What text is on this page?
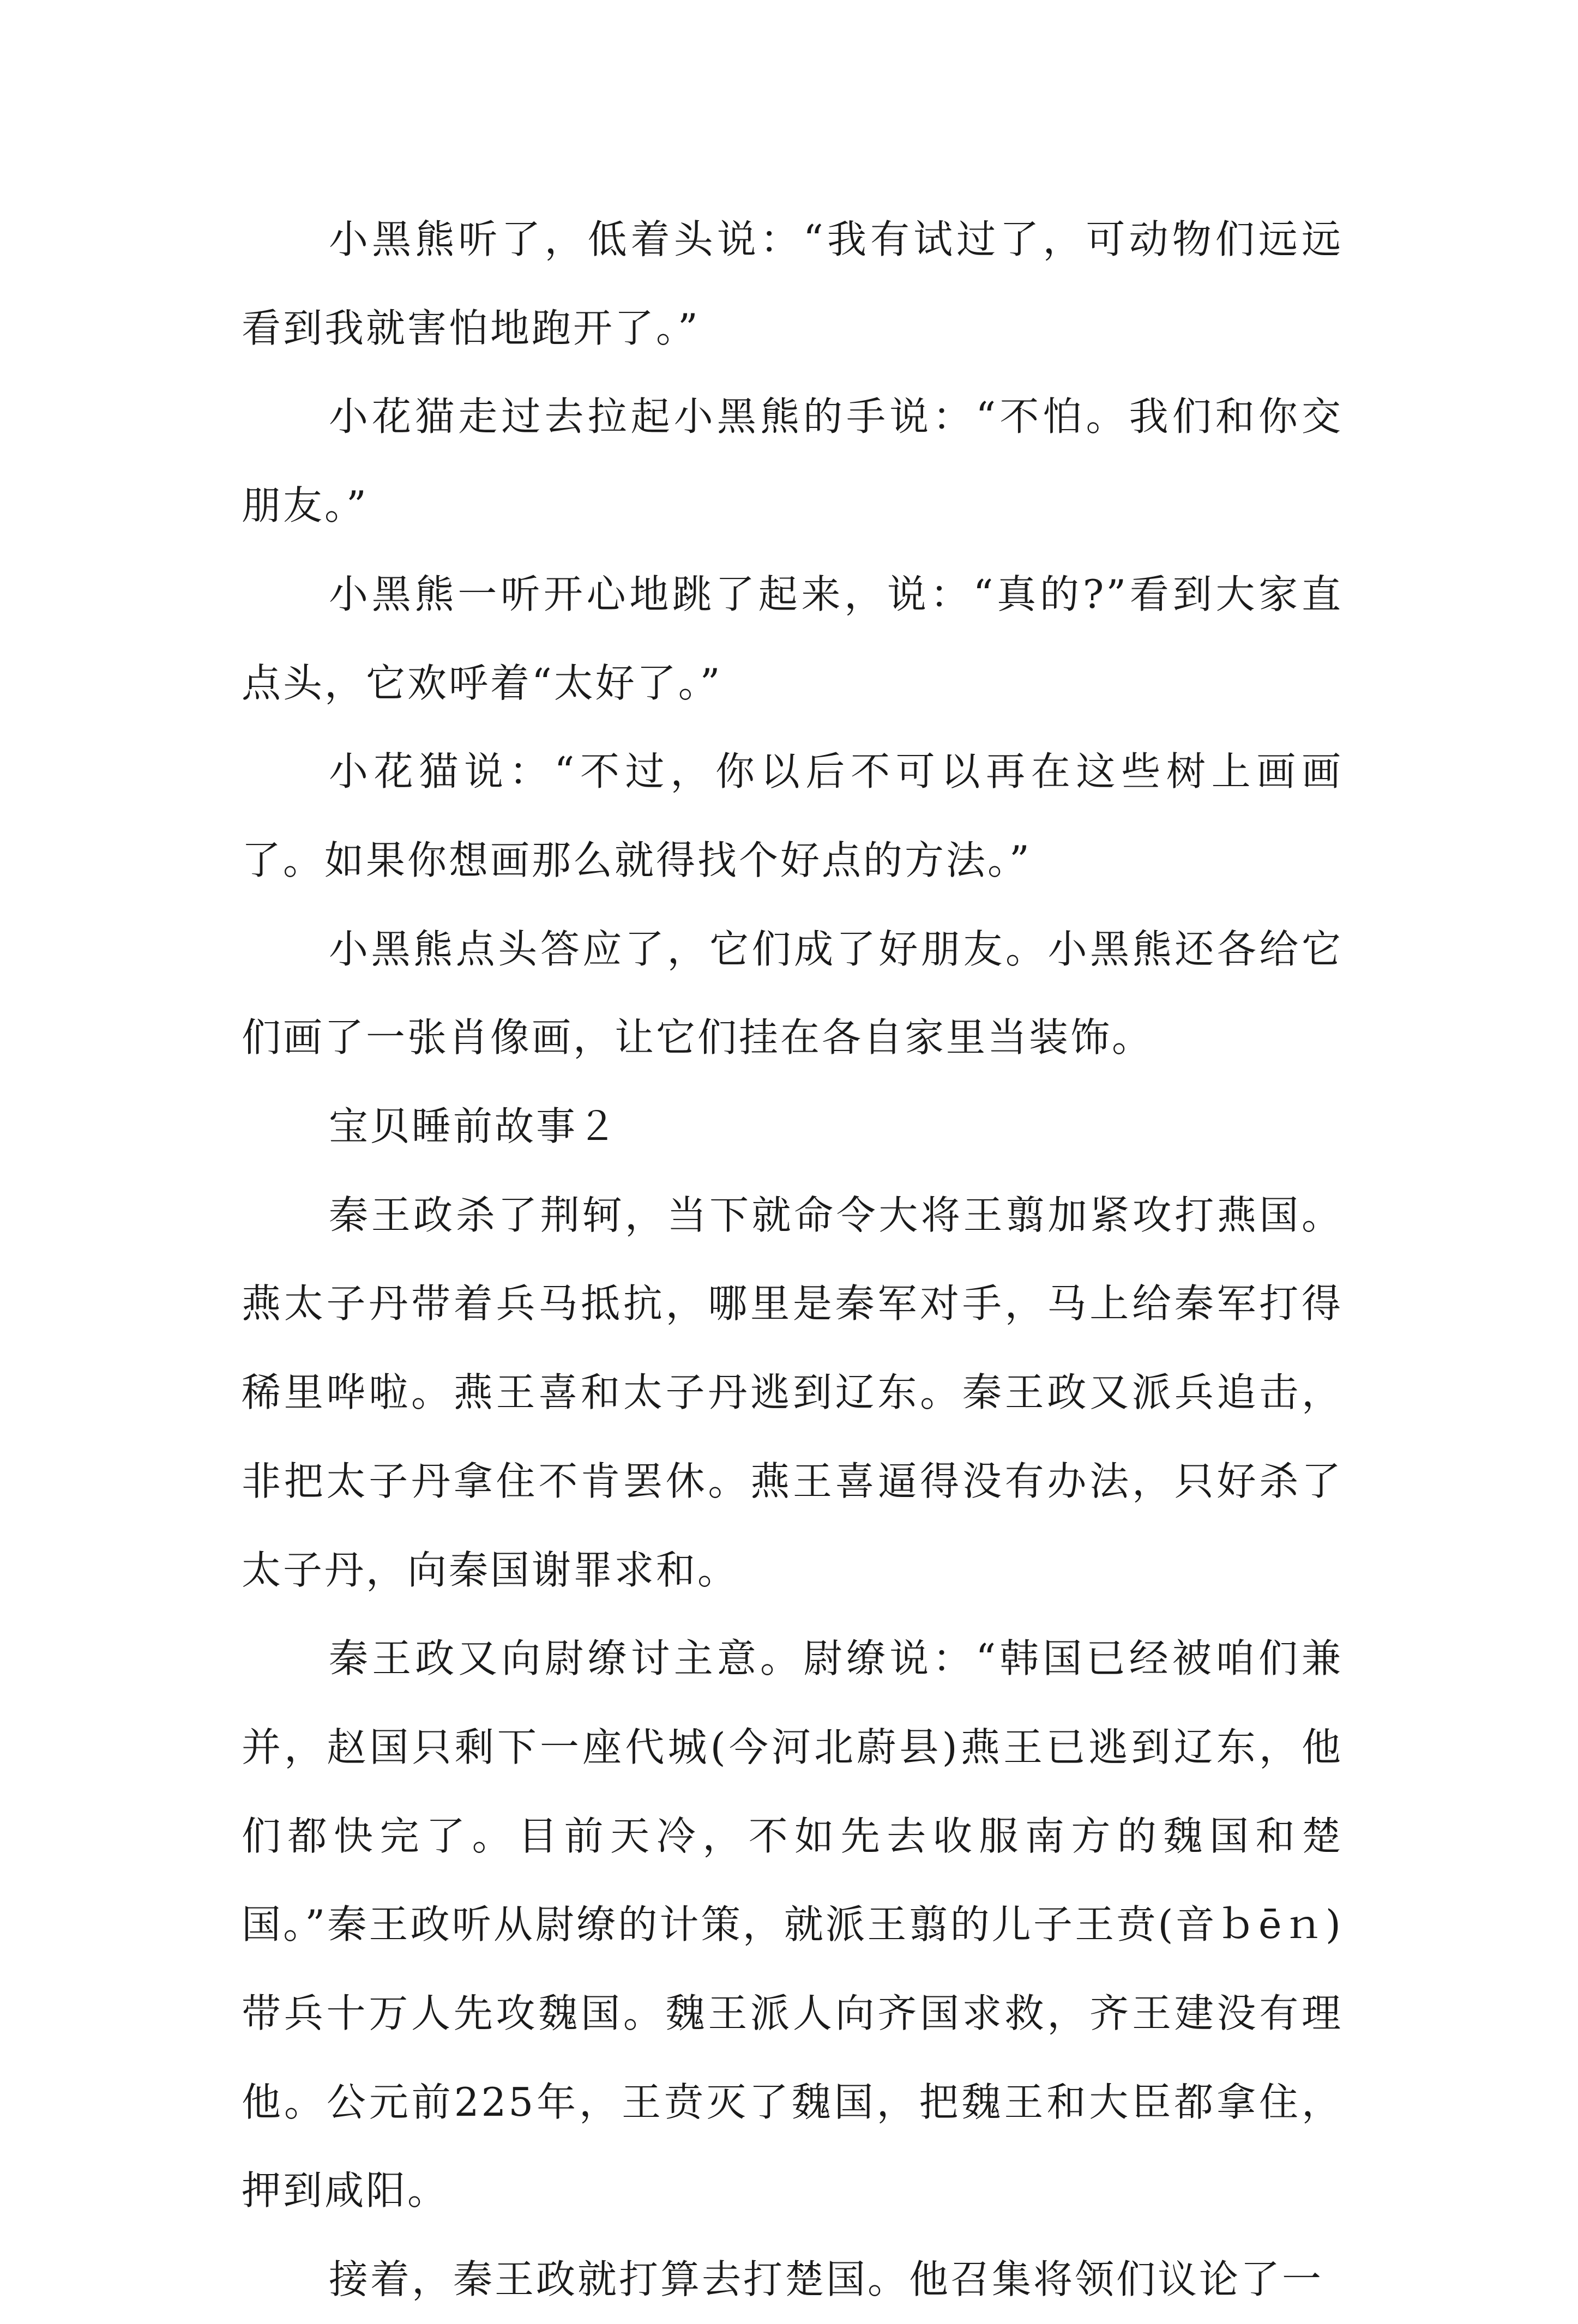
小黑熊听了，低着头说：“我有试过了，可动物们远远看到我就害怕地跑开了。”

小花猫走过去拉起小黑熊的手说：“不怕。我们和你交朋友。”

小黑熊一听开心地跳了起来，说：“真的?”看到大家直点头，它欢呼着“太好了。”

小花猫说：“不过，你以后不可以再在这些树上画画了。如果你想画那么就得找个好点的方法。”

小黑熊点头答应了，它们成了好朋友。小黑熊还各给它们画了一张肖像画，让它们挂在各自家里当装饰。

宝贝睡前故事２

秦王政杀了荆轲，当下就命令大将王翦加紧攻打燕国。燕太子丹带着兵马抵抗，哪里是秦军对手，马上给秦军打得稀里哗啦。燕王喜和太子丹逃到辽东。秦王政又派兵追击，非把太子丹拿住不肯罢休。燕王喜逼得没有办法，只好杀了太子丹，向秦国谢罪求和。

秦王政又向尉缭讨主意。尉缭说：“韩国已经被咱们兼并，赵国只剩下一座代城(今河北蔚县)燕王已逃到辽东，他们都快完了。目前天冷，不如先去收服南方的魏国和楚国。”秦王政听从尉缭的计策，就派王翦的儿子王贲(音ｂēｎ)带兵十万人先攻魏国。魏王派人向齐国求救，齐王建没有理他。公元前225年，王贲灭了魏国，把魏王和大臣都拿住，押到咸阳。

接着，秦王政就打算去打楚国。他召集将领们议论了一
